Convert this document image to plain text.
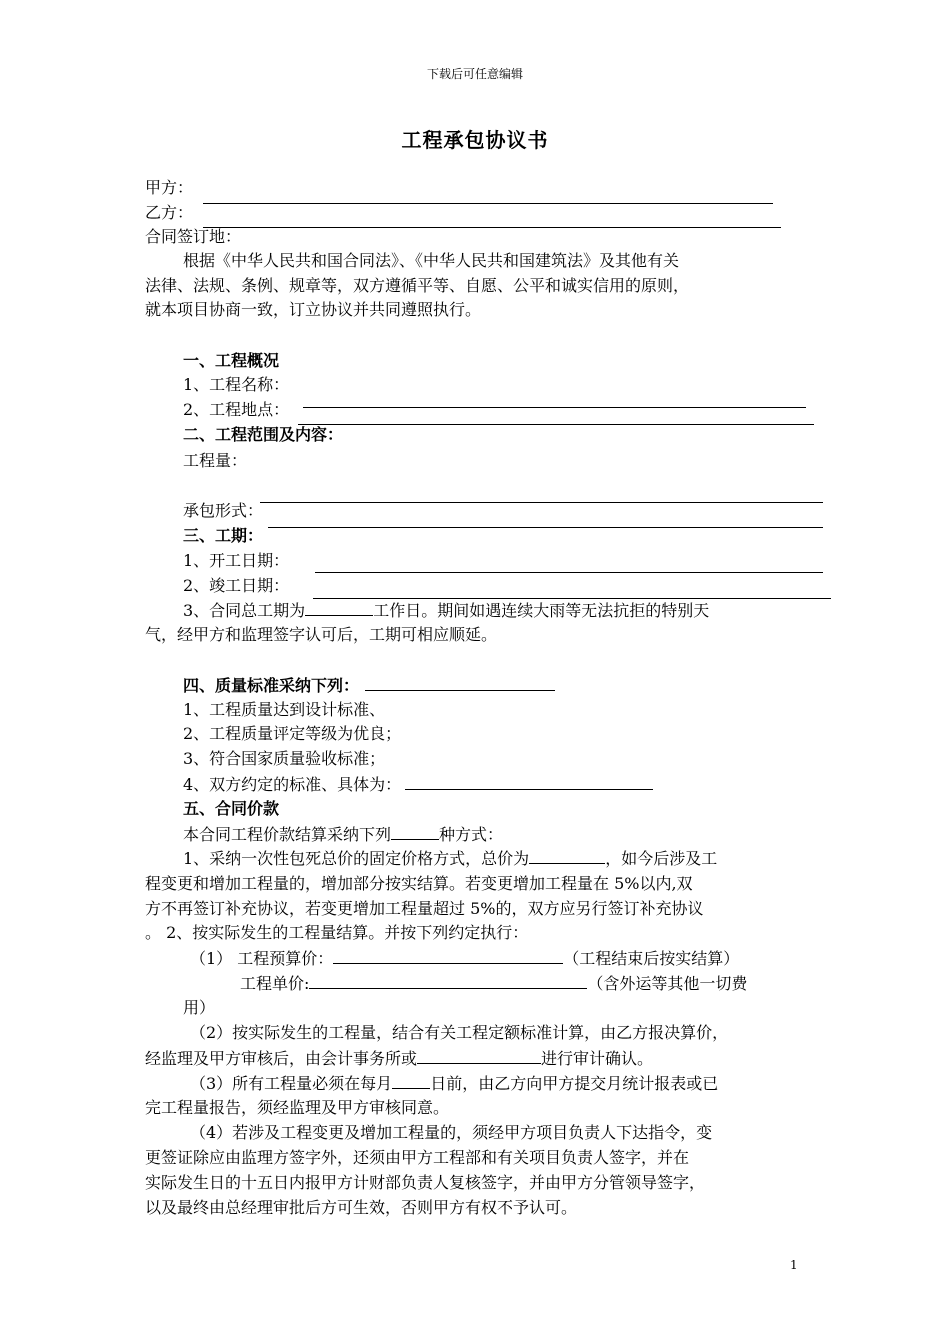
下载后可任意编辑
工程承包协议书
甲方：
乙方：
合同签订地：
根据《中华人民共和国合同法》、《中华人民共和国建筑法》及其他有关
法律、法规、条例、规章等，双方遵循平等、自愿、公平和诚实信用的原则，
就本项目协商一致，订立协议并共同遵照执行。
一、工程概况
1、工程名称：
2、工程地点：
二、工程范围及内容：
工程量：
承包形式：
三、工期：
1、开工日期：
2、竣工日期：
3、合同总工期为	工作日。期间如遇连续大雨等无法抗拒的特别天
气，经甲方和监理签字认可后，工期可相应顺延。
四、质量标准采纳下列：
1、工程质量达到设计标准、
2、工程质量评定等级为优良；
3、符合国家质量验收标准；
4、双方约定的标准、具体为：
五、合同价款
本合同工程价款结算采纳下列	种方式：
1、采纳一次性包死总价的固定价格方式，总价为	，如今后涉及工
程变更和增加工程量的，增加部分按实结算。若变更增加工程量在 5%以内,双
方不再签订补充协议，若变更增加工程量超过 5%的，双方应另行签订补充协议
。 2、按实际发生的工程量结算。并按下列约定执行：
（1） 工程预算价：	（工程结束后按实结算）
工程单价:	（含外运等其他一切费
用）
（2）按实际发生的工程量，结合有关工程定额标准计算，由乙方报决算价，
经监理及甲方审核后，由会计事务所或	进行审计确认。
（3）所有工程量必须在每月 日前，由乙方向甲方提交月统计报表或已
完工程量报告，须经监理及甲方审核同意。
（4）若涉及工程变更及增加工程量的，须经甲方项目负责人下达指令，变
更签证除应由监理方签字外，还须由甲方工程部和有关项目负责人签字，并在
实际发生日的十五日内报甲方计财部负责人复核签字，并由甲方分管领导签字，
以及最终由总经理审批后方可生效，否则甲方有权不予认可。
1
